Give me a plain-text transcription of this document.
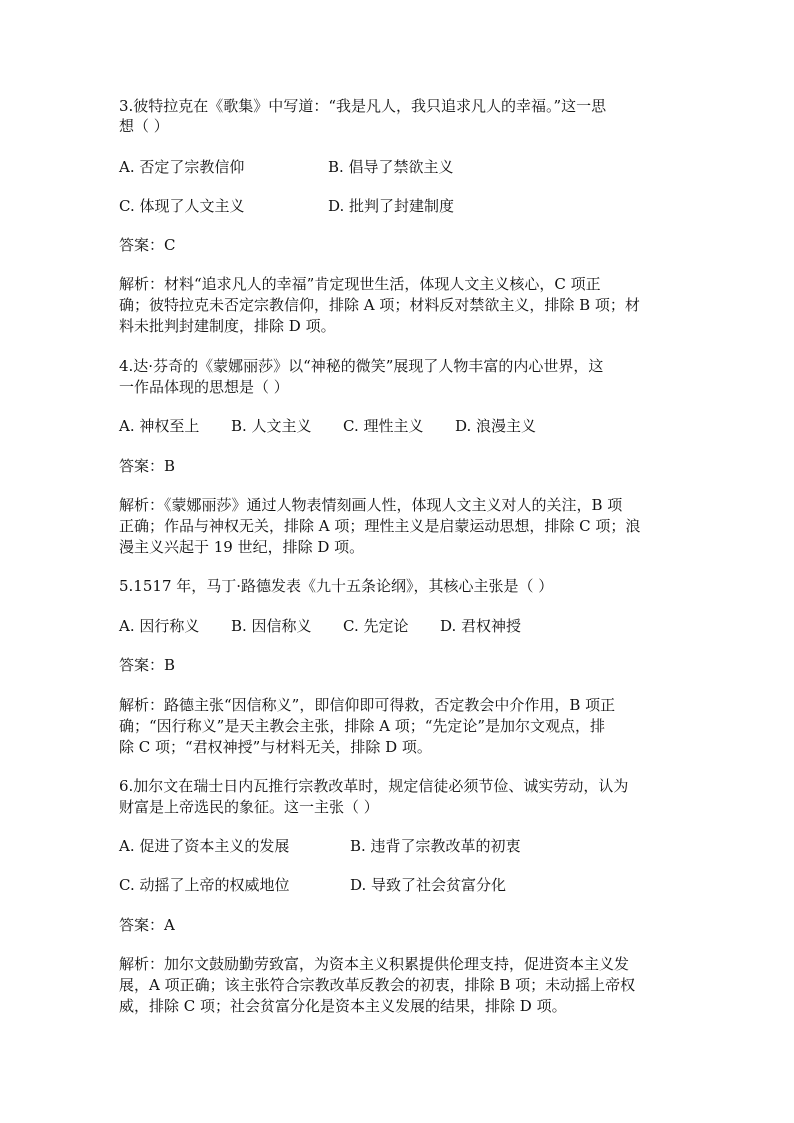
3.彼特拉克在《歌集》中写道：“我是凡人，我只追求凡人的幸福。”这一思
想（ ）
A. 否定了宗教信仰	B. 倡导了禁欲主义
C. 体现了人文主义	D. 批判了封建制度
答案：C
解析：材料“追求凡人的幸福”肯定现世生活，体现人文主义核心，C 项正
确；彼特拉克未否定宗教信仰，排除 A 项；材料反对禁欲主义，排除 B 项；材
料未批判封建制度，排除 D 项。
4.达·芬奇的《蒙娜丽莎》以“神秘的微笑”展现了人物丰富的内心世界，这
一作品体现的思想是（ ）
A. 神权至上 B. 人文主义 C. 理性主义 D. 浪漫主义
答案：B
解析：《蒙娜丽莎》通过人物表情刻画人性，体现人文主义对人的关注，B 项
正确；作品与神权无关，排除 A 项；理性主义是启蒙运动思想，排除 C 项；浪
漫主义兴起于 19 世纪，排除 D 项。
5.1517 年，马丁·路德发表《九十五条论纲》，其核心主张是（ ）
A. 因行称义 B. 因信称义 C. 先定论 D. 君权神授
答案：B
解析：路德主张“因信称义”，即信仰即可得救，否定教会中介作用，B 项正
确；“因行称义”是天主教会主张，排除 A 项；“先定论”是加尔文观点，排
除 C 项；“君权神授”与材料无关，排除 D 项。
6.加尔文在瑞士日内瓦推行宗教改革时，规定信徒必须节俭、诚实劳动，认为
财富是上帝选民的象征。这一主张（ ）
A. 促进了资本主义的发展	B. 违背了宗教改革的初衷
C. 动摇了上帝的权威地位	D. 导致了社会贫富分化
答案：A
解析：加尔文鼓励勤劳致富，为资本主义积累提供伦理支持，促进资本主义发
展，A 项正确；该主张符合宗教改革反教会的初衷，排除 B 项；未动摇上帝权
威，排除 C 项；社会贫富分化是资本主义发展的结果，排除 D 项。
